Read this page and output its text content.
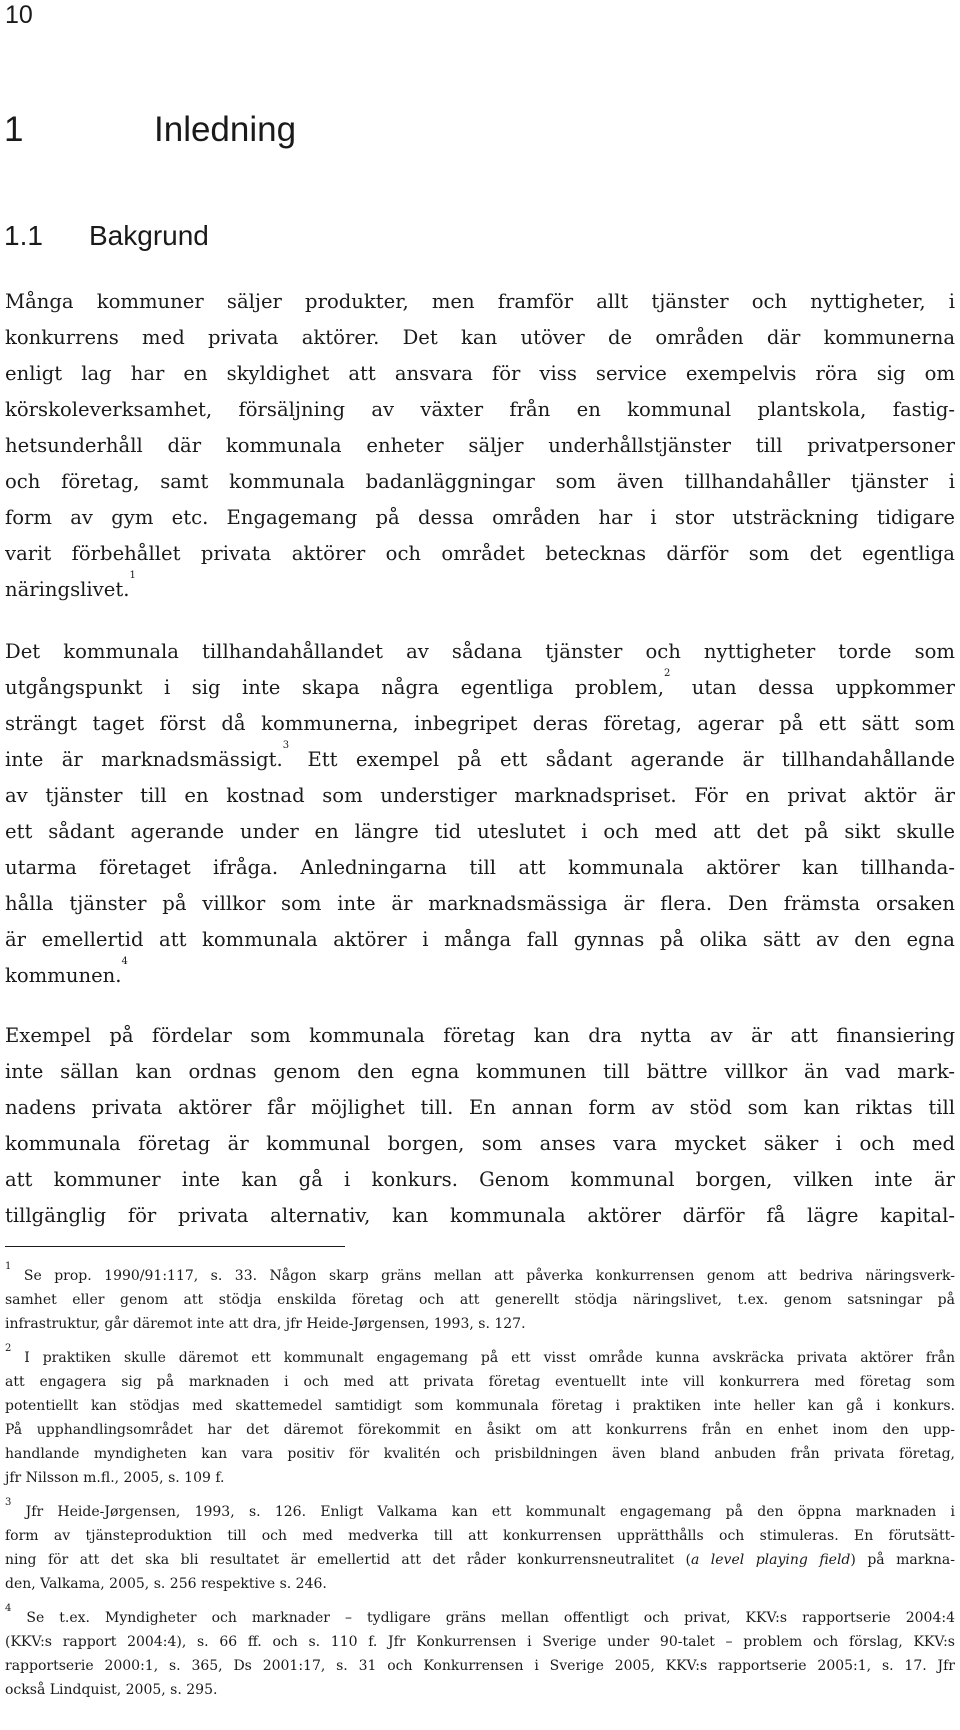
10
1	Inledning
1.1 Bakgrund
Många kommuner säljer produkter, men framför allt tjänster och nyttigheter, i
konkurrens med privata aktörer. Det kan utöver de områden där kommunerna
enligt lag har en skyldighet att ansvara för viss service exempelvis röra sig om
körskoleverksamhet, försäljning av växter från en kommunal plantskola, fastig-
hetsunderhåll där kommunala enheter säljer underhållstjänster till privatpersoner
och företag, samt kommunala badanläggningar som även tillhandahåller tjänster i
form av gym etc. Engagemang på dessa områden har i stor utsträckning tidigare
varit förbehållet privata aktörer och området betecknas därför som det egentliga
näringslivet.$^1$
Det kommunala tillhandahållandet av sådana tjänster och nyttigheter torde som
utgångspunkt i sig inte skapa några egentliga problem,$^2$ utan dessa uppkommer
strängt taget först då kommunerna, inbegripet deras företag, agerar på ett sätt som
inte är marknadsmässigt.$^3$ Ett exempel på ett sådant agerande är tillhandahållande
av tjänster till en kostnad som understiger marknadspriset. För en privat aktör är
ett sådant agerande under en längre tid uteslutet i och med att det på sikt skulle
utarma företaget ifråga. Anledningarna till att kommunala aktörer kan tillhanda-
hålla tjänster på villkor som inte är marknadsmässiga är flera. Den främsta orsaken
är emellertid att kommunala aktörer i många fall gynnas på olika sätt av den egna
kommunen.$^4$
Exempel på fördelar som kommunala företag kan dra nytta av är att finansiering
inte sällan kan ordnas genom den egna kommunen till bättre villkor än vad mark-
nadens privata aktörer får möjlighet till. En annan form av stöd som kan riktas till
kommunala företag är kommunal borgen, som anses vara mycket säker i och med
att kommuner inte kan gå i konkurs. Genom kommunal borgen, vilken inte är
tillgänglig för privata alternativ, kan kommunala aktörer därför få lägre kapital-
$^1$ Se prop. 1990/91:117, s. 33. Någon skarp gräns mellan att påverka konkurrensen genom att bedriva näringsverk-
samhet eller genom att stödja enskilda företag och att generellt stödja näringslivet, t.ex. genom satsningar på
infrastruktur, går däremot inte att dra, jfr Heide-Jørgensen, 1993, s. 127.
$^2$ I praktiken skulle däremot ett kommunalt engagemang på ett visst område kunna avskräcka privata aktörer från
att engagera sig på marknaden i och med att privata företag eventuellt inte vill konkurrera med företag som
potentiellt kan stödjas med skattemedel samtidigt som kommunala företag i praktiken inte heller kan gå i konkurs.
På upphandlingsområdet har det däremot förekommit en åsikt om att konkurrens från en enhet inom den upp-
handlande myndigheten kan vara positiv för kvalitén och prisbildningen även bland anbuden från privata företag,
jfr Nilsson m.fl., 2005, s. 109 f.
$^3$ Jfr Heide-Jørgensen, 1993, s. 126. Enligt Valkama kan ett kommunalt engagemang på den öppna marknaden i
form av tjänsteproduktion till och med medverka till att konkurrensen upprätthålls och stimuleras. En förutsätt-
ning för att det ska bli resultatet är emellertid att det råder konkurrensneutralitet (a level playing field) på markna-
den, Valkama, 2005, s. 256 respektive s. 246.
$^4$ Se t.ex. Myndigheter och marknader – tydligare gräns mellan offentligt och privat, KKV:s rapportserie 2004:4
(KKV:s rapport 2004:4), s. 66 ff. och s. 110 f. Jfr Konkurrensen i Sverige under 90-talet – problem och förslag, KKV:s
rapportserie 2000:1, s. 365, Ds 2001:17, s. 31 och Konkurrensen i Sverige 2005, KKV:s rapportserie 2005:1, s. 17. Jfr
också Lindquist, 2005, s. 295.
